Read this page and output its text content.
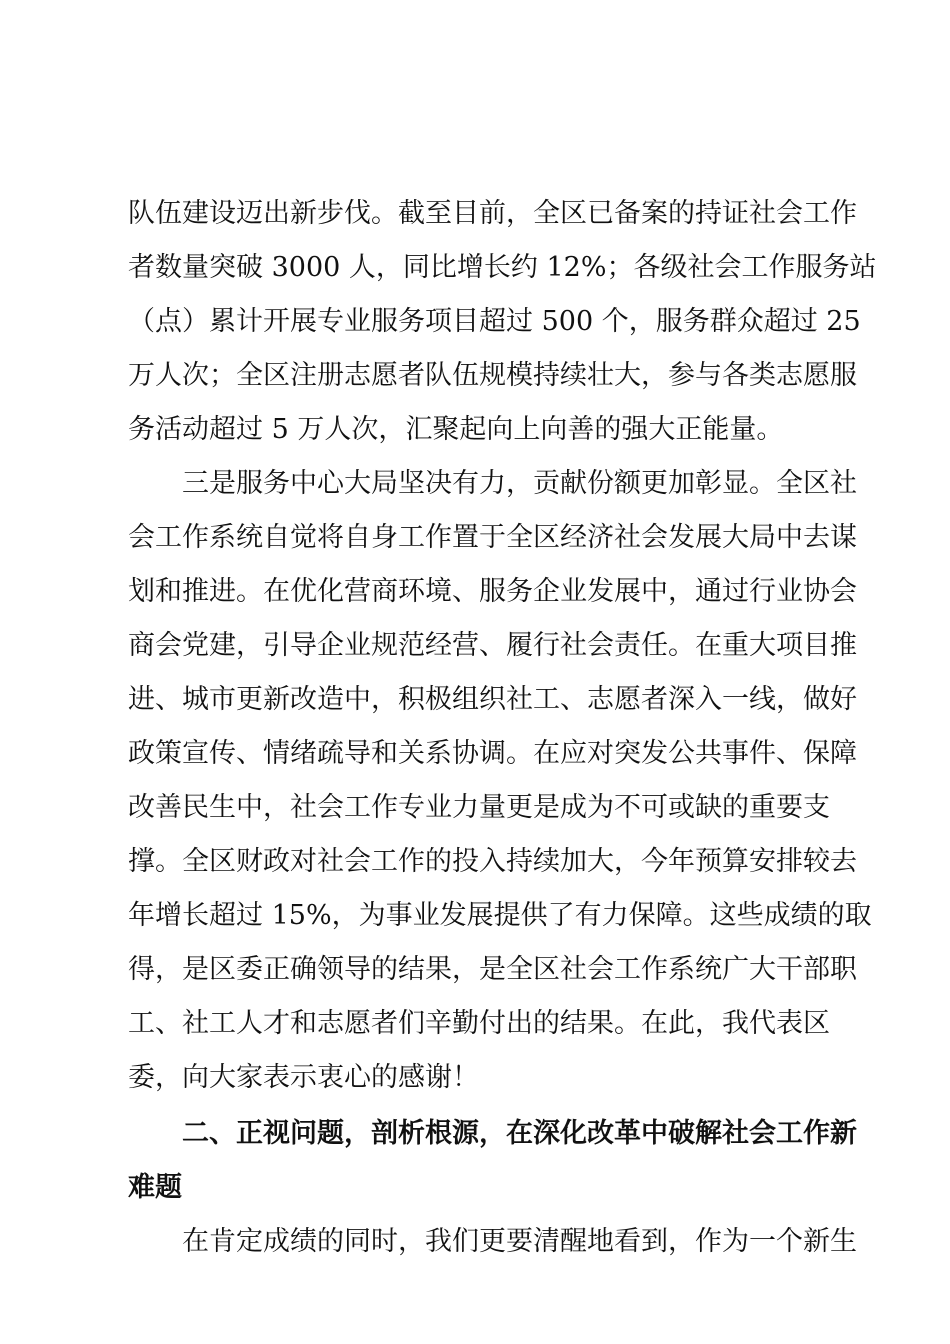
队伍建设迈出新步伐。截至目前，全区已备案的持证社会工作
者数量突破 3000 人，同比增长约 12%；各级社会工作服务站
（点）累计开展专业服务项目超过 500 个，服务群众超过 25
万人次；全区注册志愿者队伍规模持续壮大，参与各类志愿服
务活动超过 5 万人次，汇聚起向上向善的强大正能量。
三是服务中心大局坚决有力，贡献份额更加彰显。全区社
会工作系统自觉将自身工作置于全区经济社会发展大局中去谋
划和推进。在优化营商环境、服务企业发展中，通过行业协会
商会党建，引导企业规范经营、履行社会责任。在重大项目推
进、城市更新改造中，积极组织社工、志愿者深入一线，做好
政策宣传、情绪疏导和关系协调。在应对突发公共事件、保障
改善民生中，社会工作专业力量更是成为不可或缺的重要支
撑。全区财政对社会工作的投入持续加大，今年预算安排较去
年增长超过 15%，为事业发展提供了有力保障。这些成绩的取
得，是区委正确领导的结果，是全区社会工作系统广大干部职
工、社工人才和志愿者们辛勤付出的结果。在此，我代表区
委，向大家表示衷心的感谢！
二、正视问题，剖析根源，在深化改革中破解社会工作新
难题
在肯定成绩的同时，我们更要清醒地看到，作为一个新生
